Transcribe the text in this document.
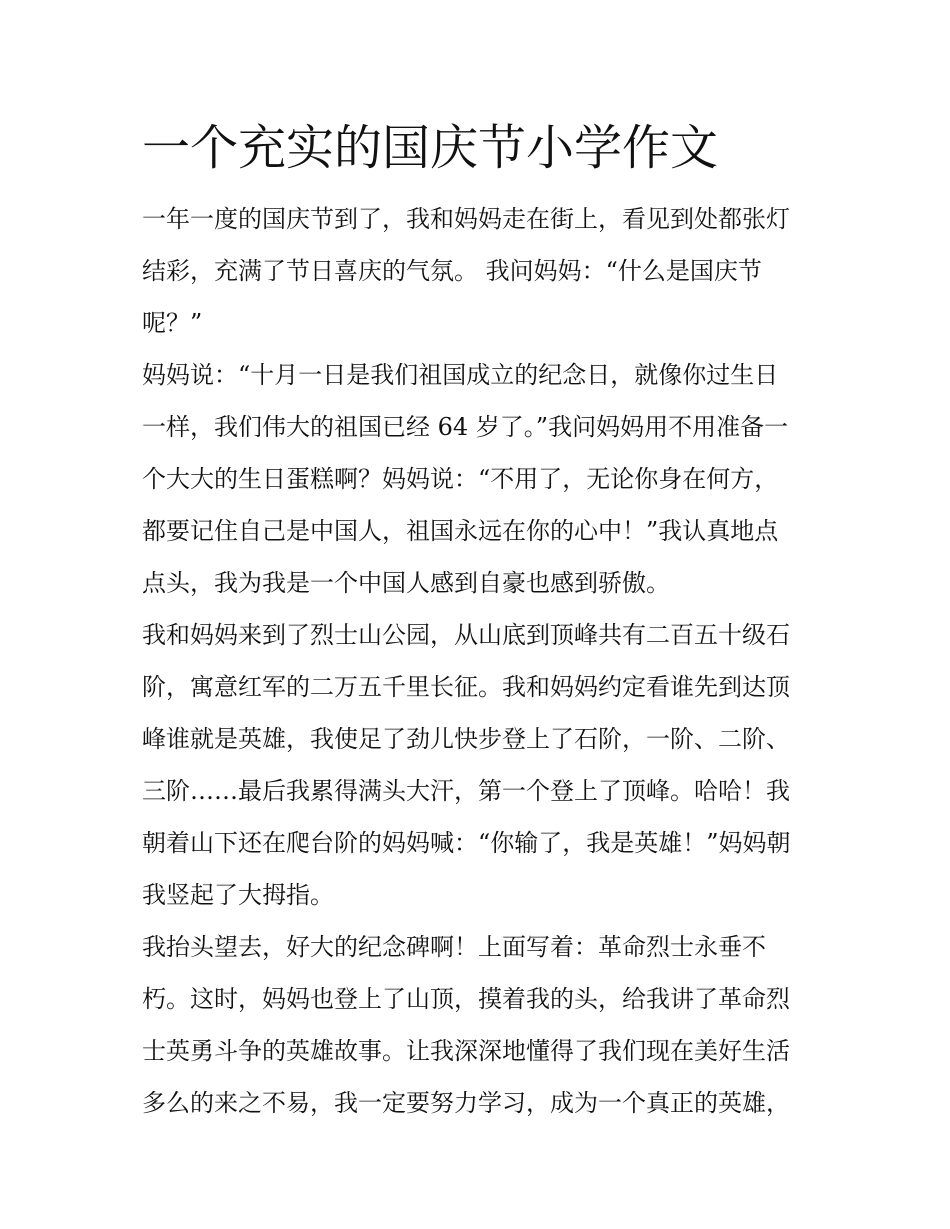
一个充实的国庆节小学作文

一年一度的国庆节到了，我和妈妈走在街上，看见到处都张灯
结彩，充满了节日喜庆的气氛。 我问妈妈：“什么是国庆节
呢？”

妈妈说：“十月一日是我们祖国成立的纪念日，就像你过生日
一样，我们伟大的祖国已经 64 岁了。”我问妈妈用不用准备一
个大大的生日蛋糕啊？妈妈说：“不用了，无论你身在何方，
都要记住自己是中国人，祖国永远在你的心中！”我认真地点
点头，我为我是一个中国人感到自豪也感到骄傲。

我和妈妈来到了烈士山公园，从山底到顶峰共有二百五十级石
阶，寓意红军的二万五千里长征。我和妈妈约定看谁先到达顶
峰谁就是英雄，我使足了劲儿快步登上了石阶，一阶、二阶、
三阶……最后我累得满头大汗，第一个登上了顶峰。哈哈！我
朝着山下还在爬台阶的妈妈喊：“你输了，我是英雄！”妈妈朝
我竖起了大拇指。

我抬头望去，好大的纪念碑啊！上面写着：革命烈士永垂不
朽。这时，妈妈也登上了山顶，摸着我的头，给我讲了革命烈
士英勇斗争的英雄故事。让我深深地懂得了我们现在美好生活
多么的来之不易，我一定要努力学习，成为一个真正的英雄，
